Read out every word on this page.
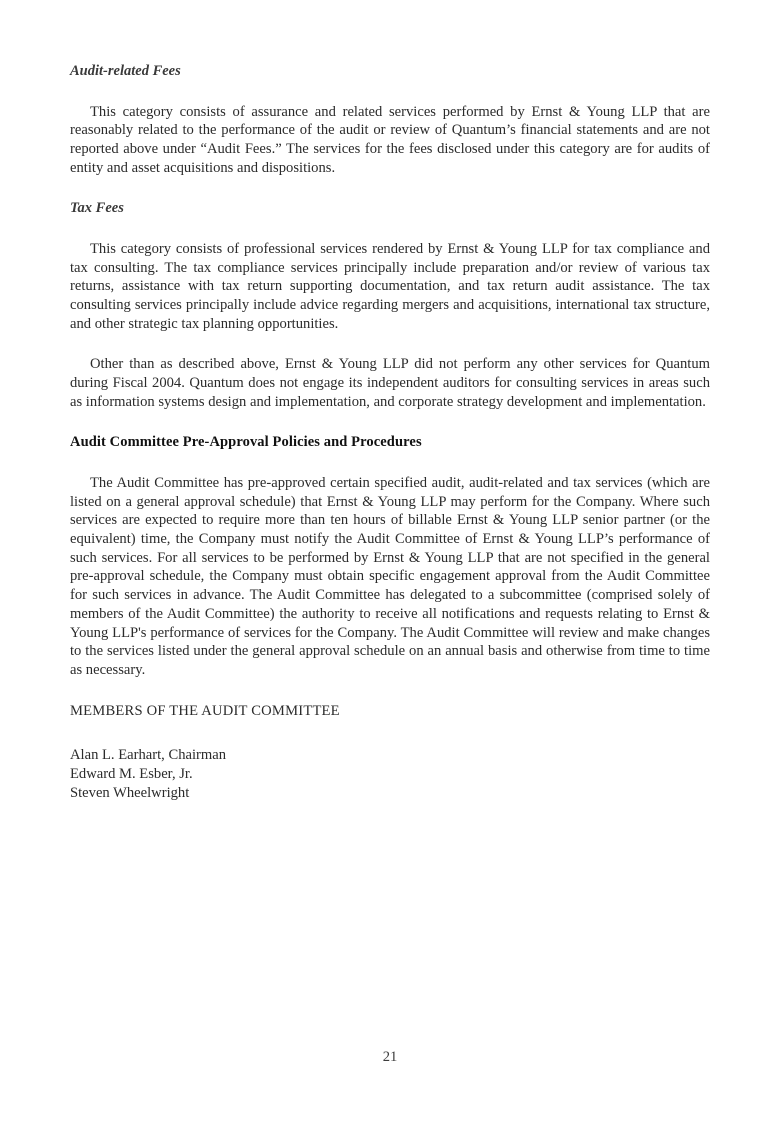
Audit-related Fees

This category consists of assurance and related services performed by Ernst & Young LLP that are reasonably related to the performance of the audit or review of Quantum’s financial statements and are not reported above under “Audit Fees.” The services for the fees disclosed under this category are for audits of entity and asset acquisitions and dispositions.

Tax Fees

This category consists of professional services rendered by Ernst & Young LLP for tax compliance and tax consulting. The tax compliance services principally include preparation and/or review of various tax returns, assistance with tax return supporting documentation, and tax return audit assistance. The tax consulting services principally include advice regarding mergers and acquisitions, international tax structure, and other strategic tax planning opportunities.

Other than as described above, Ernst & Young LLP did not perform any other services for Quantum during Fiscal 2004. Quantum does not engage its independent auditors for consulting services in areas such as information systems design and implementation, and corporate strategy development and implementation.

Audit Committee Pre-Approval Policies and Procedures

The Audit Committee has pre-approved certain specified audit, audit-related and tax services (which are listed on a general approval schedule) that Ernst & Young LLP may perform for the Company. Where such services are expected to require more than ten hours of billable Ernst & Young LLP senior partner (or the equivalent) time, the Company must notify the Audit Committee of Ernst & Young LLP’s performance of such services. For all services to be performed by Ernst & Young LLP that are not specified in the general pre-approval schedule, the Company must obtain specific engagement approval from the Audit Committee for such services in advance. The Audit Committee has delegated to a subcommittee (comprised solely of members of the Audit Committee) the authority to receive all notifications and requests relating to Ernst & Young LLP's performance of services for the Company. The Audit Committee will review and make changes to the services listed under the general approval schedule on an annual basis and otherwise from time to time as necessary.

MEMBERS OF THE AUDIT COMMITTEE
Alan L. Earhart, Chairman
Edward M. Esber, Jr.
Steven Wheelwright
21
